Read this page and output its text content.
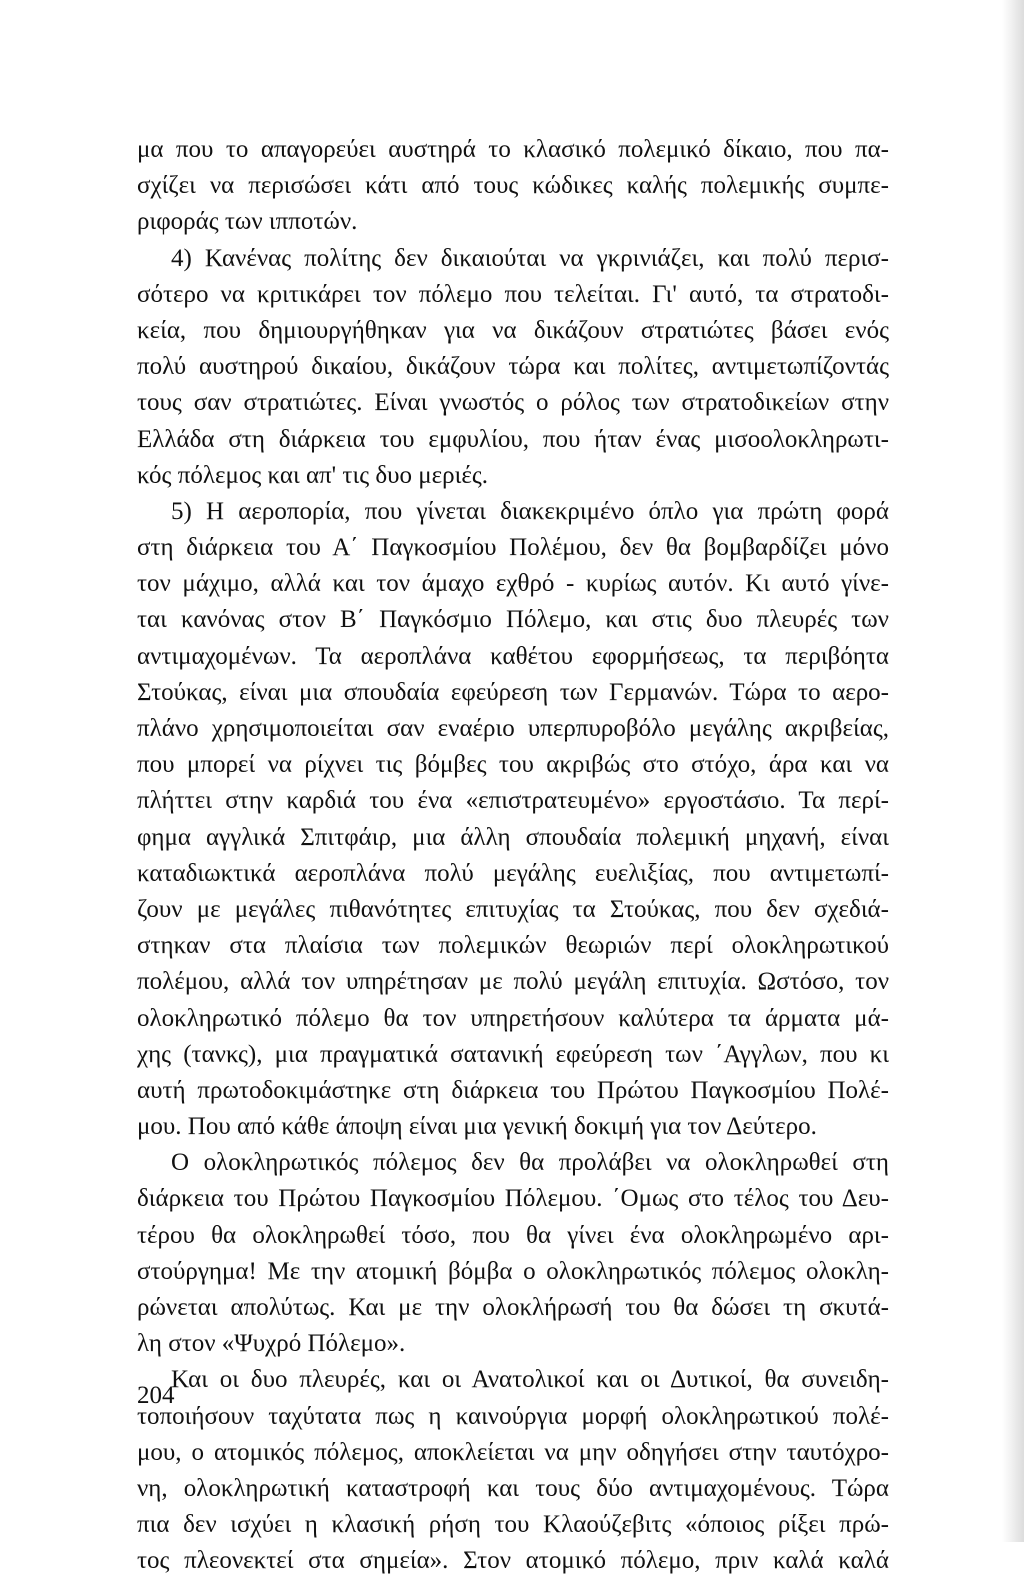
μα που το απαγορεύει αυστηρά το κλασικό πολεμικό δίκαιο, που πα-
σχίζει να περισώσει κάτι από τους κώδικες καλής πολεμικής συμπε-
ριφοράς των ιπποτών.
4) Κανένας πολίτης δεν δικαιούται να γκρινιάζει, και πολύ περισ-
σότερο να κριτικάρει τον πόλεμο που τελείται. Γι' αυτό, τα στρατοδι-
κεία, που δημιουργήθηκαν για να δικάζουν στρατιώτες βάσει ενός
πολύ αυστηρού δικαίου, δικάζουν τώρα και πολίτες, αντιμετωπίζοντάς
τους σαν στρατιώτες. Είναι γνωστός ο ρόλος των στρατοδικείων στην
Ελλάδα στη διάρκεια του εμφυλίου, που ήταν ένας μισοολοκληρωτι-
κός πόλεμος και απ' τις δυο μεριές.
5) Η αεροπορία, που γίνεται διακεκριμένο όπλο για πρώτη φορά
στη διάρκεια του Α΄ Παγκοσμίου Πολέμου, δεν θα βομβαρδίζει μόνο
τον μάχιμο, αλλά και τον άμαχο εχθρό - κυρίως αυτόν. Κι αυτό γίνε-
ται κανόνας στον Β΄ Παγκόσμιο Πόλεμο, και στις δυο πλευρές των
αντιμαχομένων. Τα αεροπλάνα καθέτου εφορμήσεως, τα περιβόητα
Στούκας, είναι μια σπουδαία εφεύρεση των Γερμανών. Τώρα το αερο-
πλάνο χρησιμοποιείται σαν εναέριο υπερπυροβόλο μεγάλης ακριβείας,
που μπορεί να ρίχνει τις βόμβες του ακριβώς στο στόχο, άρα και να
πλήττει στην καρδιά του ένα «επιστρατευμένο» εργοστάσιο. Τα περί-
φημα αγγλικά Σπιτφάιρ, μια άλλη σπουδαία πολεμική μηχανή, είναι
καταδιωκτικά αεροπλάνα πολύ μεγάλης ευελιξίας, που αντιμετωπί-
ζουν με μεγάλες πιθανότητες επιτυχίας τα Στούκας, που δεν σχεδιά-
στηκαν στα πλαίσια των πολεμικών θεωριών περί ολοκληρωτικού
πολέμου, αλλά τον υπηρέτησαν με πολύ μεγάλη επιτυχία. Ωστόσο, τον
ολοκληρωτικό πόλεμο θα τον υπηρετήσουν καλύτερα τα άρματα μά-
χης (τανκς), μια πραγματικά σατανική εφεύρεση των ΄Αγγλων, που κι
αυτή πρωτοδοκιμάστηκε στη διάρκεια του Πρώτου Παγκοσμίου Πολέ-
μου. Που από κάθε άποψη είναι μια γενική δοκιμή για τον Δεύτερο.
Ο ολοκληρωτικός πόλεμος δεν θα προλάβει να ολοκληρωθεί στη
διάρκεια του Πρώτου Παγκοσμίου Πόλεμου. ΄Ομως στο τέλος του Δευ-
τέρου θα ολοκληρωθεί τόσο, που θα γίνει ένα ολοκληρωμένο αρι-
στούργημα! Με την ατομική βόμβα ο ολοκληρωτικός πόλεμος ολοκλη-
ρώνεται απολύτως. Και με την ολοκλήρωσή του θα δώσει τη σκυτά-
λη στον «Ψυχρό Πόλεμο».
Και οι δυο πλευρές, και οι Ανατολικοί και οι Δυτικοί, θα συνειδη-
τοποιήσουν ταχύτατα πως η καινούργια μορφή ολοκληρωτικού πολέ-
μου, ο ατομικός πόλεμος, αποκλείεται να μην οδηγήσει στην ταυτόχρο-
νη, ολοκληρωτική καταστροφή και τους δύο αντιμαχομένους. Τώρα
πια δεν ισχύει η κλασική ρήση του Κλαούζεβιτς «όποιος ρίξει πρώ-
τος πλεονεκτεί στα σημεία». Στον ατομικό πόλεμο, πριν καλά καλά
204
